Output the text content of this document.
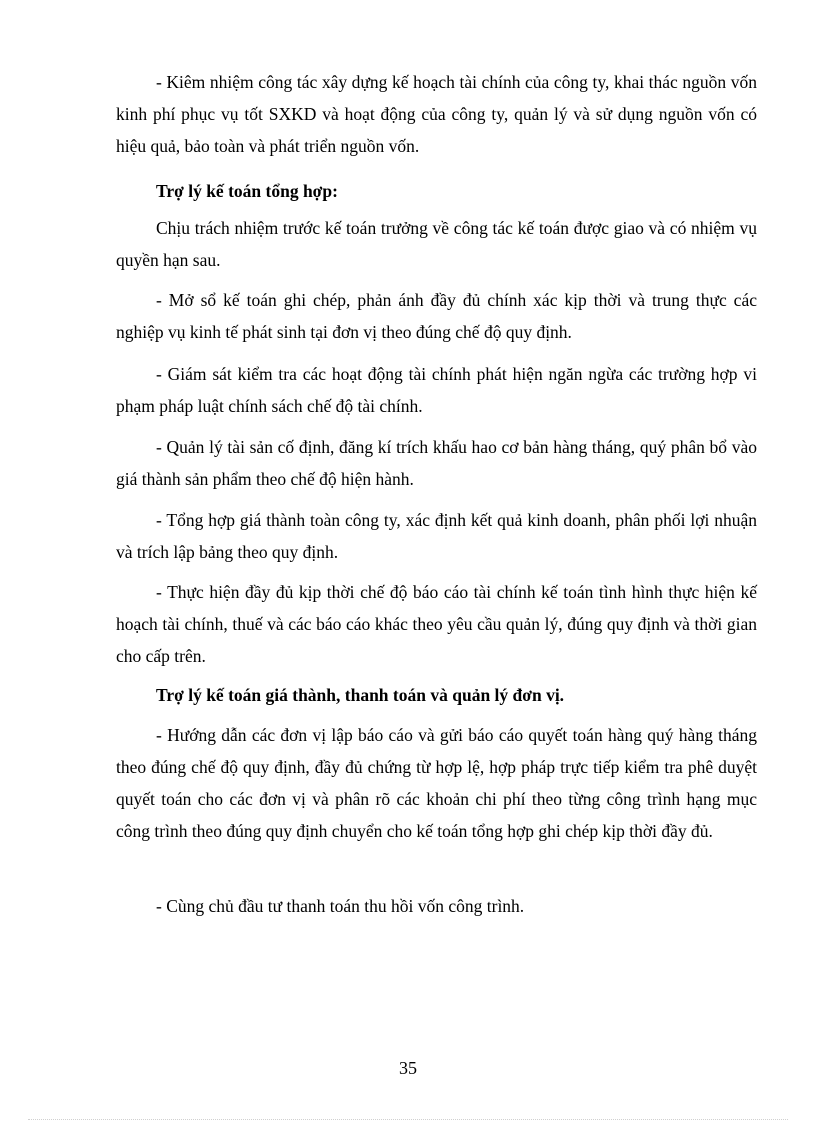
- Kiêm nhiệm công tác xây dựng kế hoạch tài chính của công ty, khai thác nguồn vốn kinh phí phục vụ tốt SXKD và hoạt động của công ty, quản lý và sử dụng nguồn vốn có hiệu quả, bảo toàn và phát triển nguồn vốn.

Trợ lý kế toán tổng hợp:

Chịu trách nhiệm trước kế toán trưởng về công tác kế toán được giao và có nhiệm vụ quyền hạn sau.

- Mở sổ kế toán ghi chép, phản ánh đầy đủ chính xác kịp thời và trung thực các nghiệp vụ kinh tế phát sinh tại đơn vị theo đúng chế độ quy định.

- Giám sát kiểm tra các hoạt động tài chính phát hiện ngăn ngừa các trường hợp vi phạm pháp luật chính sách chế độ tài chính.

- Quản lý tài sản cố định, đăng kí trích khấu hao cơ bản hàng tháng, quý phân bổ vào giá thành sản phẩm theo chế độ hiện hành.

- Tổng hợp giá thành toàn công ty, xác định kết quả kinh doanh, phân phối lợi nhuận và trích lập bảng theo quy định.

- Thực hiện đầy đủ kịp thời chế độ báo cáo tài chính kế toán tình hình thực hiện kế hoạch tài chính, thuế và các báo cáo khác theo yêu cầu quản lý, đúng quy định và thời gian cho cấp trên.

Trợ lý kế toán giá thành, thanh toán và quản lý đơn vị.

- Hướng dẫn các đơn vị lập báo cáo và gửi báo cáo quyết toán hàng quý hàng tháng theo đúng chế độ quy định, đầy đủ chứng từ hợp lệ, hợp pháp trực tiếp kiểm tra phê duyệt quyết toán cho các đơn vị và phân rõ các khoản chi phí theo từng công trình hạng mục công trình theo đúng quy định chuyển cho kế toán tổng hợp ghi chép kịp thời đầy đủ.

- Cùng chủ đầu tư thanh toán thu hồi vốn công trình.

35
